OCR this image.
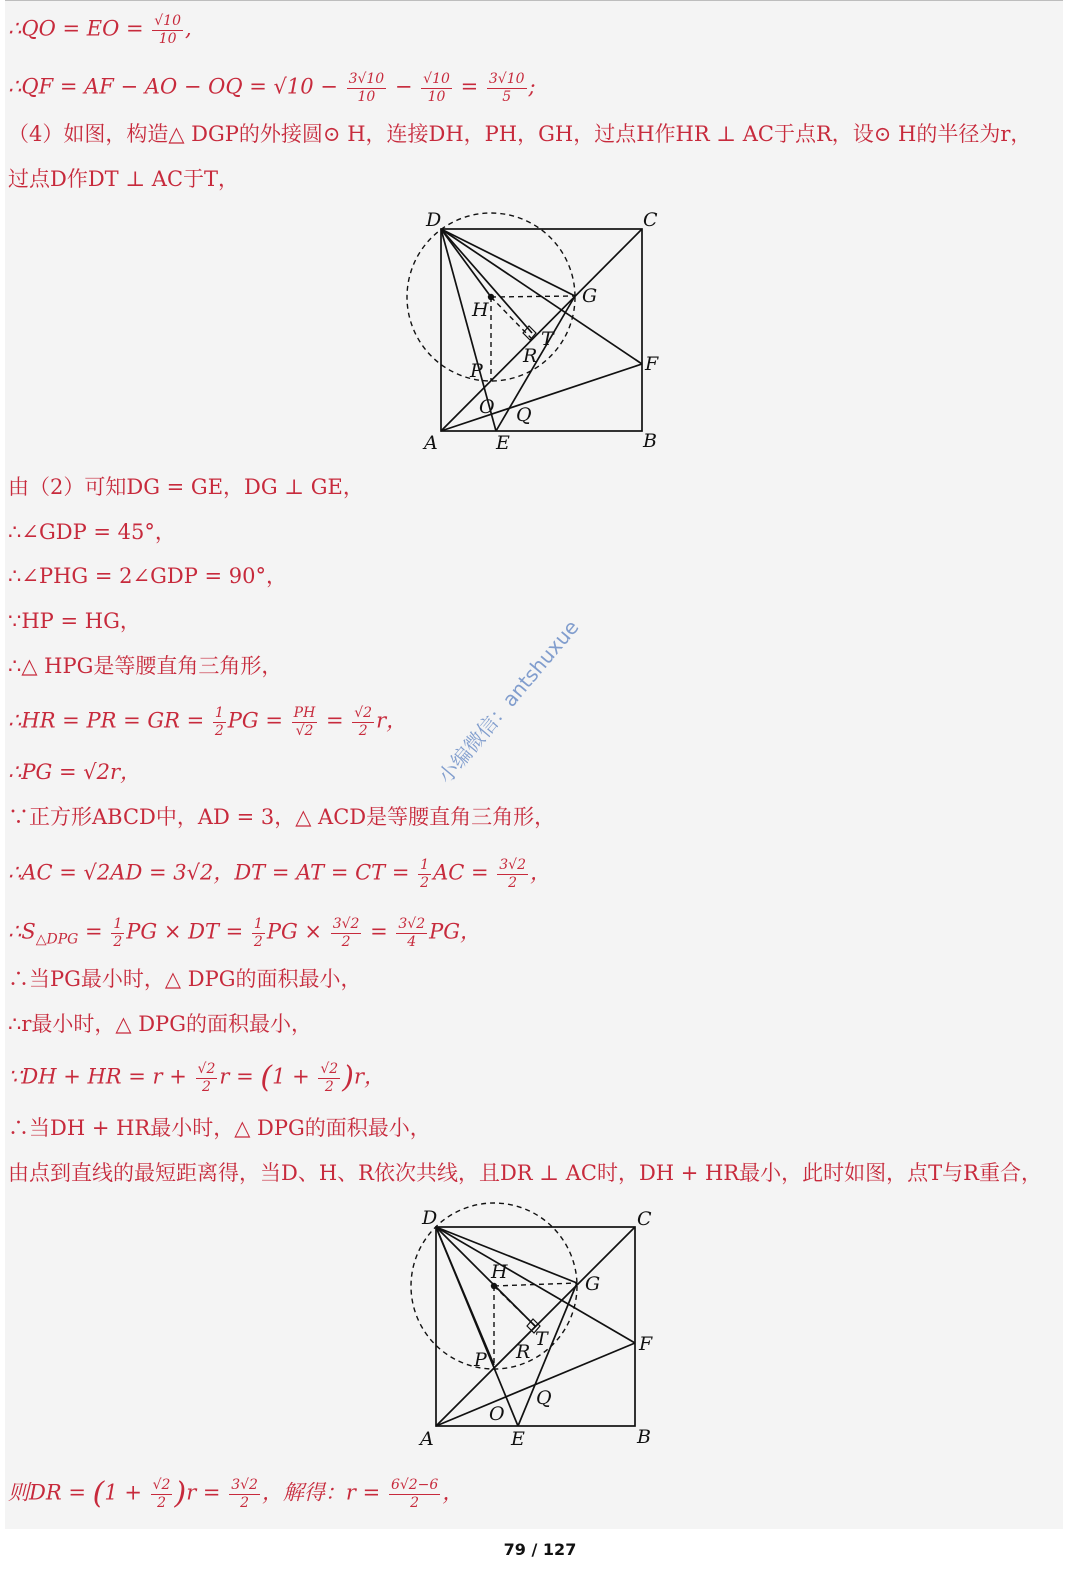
∴QO = EO = $\frac{√10}{10}$ ,
∴QF = AF − AO − OQ = $√10 - \frac{3√10}{10} - \frac{√10}{10} = \frac{3√10}{5}$ ;
（4）如图，构造△ DGP的外接圆⊙ H，连接DH，PH，GH，过点H作HR ⊥ AC于点R，设⊙ H的半径为r，
过点D作DT ⊥ AC于T，
D	C
A	B
E
F
G
H
P
T
R
O Q
由（2）可知DG = GE，DG ⊥ GE，
∴∠GDP = 45°，
∴∠PHG = 2∠GDP = 90°，
∵HP = HG，
∴△ HPG是等腰直角三角形，
∴HR = PR = GR = $\frac{1}{2}$ PG = $\frac{PH}{√2} = \frac{√2}{2}$ r，
∴PG = √2r，
∵正方形ABCD中，AD = 3，△ ACD是等腰直角三角形，
∴AC = √2AD = 3√2，DT = AT = CT = $\frac{1}{2}$ AC = $\frac{3√2}{2}$ ，
$\therefore S_{\triangle DPG} = \frac{1}{2}$ PG × DT = $\frac{1}{2}$ PG × $\frac{3√2}{2} = \frac{3√2}{4}$ PG，
∴当PG最小时，△ DPG的面积最小，
∴r最小时，△ DPG的面积最小，
∵DH + HR = $r + \frac{√2}{2}$ $r = (1 + \frac{√2}{2} )r$，
∴当DH + HR最小时，△ DPG的面积最小，
由点到直线的最短距离得，当D、H、R依次共线，且DR ⊥ AC时，DH + HR最小，此时如图，点T与R重合，
D	C
A	B
E
F
G
H
P
T
R
O
Q
则DR = $(1 + \frac{√2}{2} )r = \frac{3√2}{2}$ ，解得：$r = \frac{6√2-6}{2}$ ，
小编微信：antshuxue
79 / 127
